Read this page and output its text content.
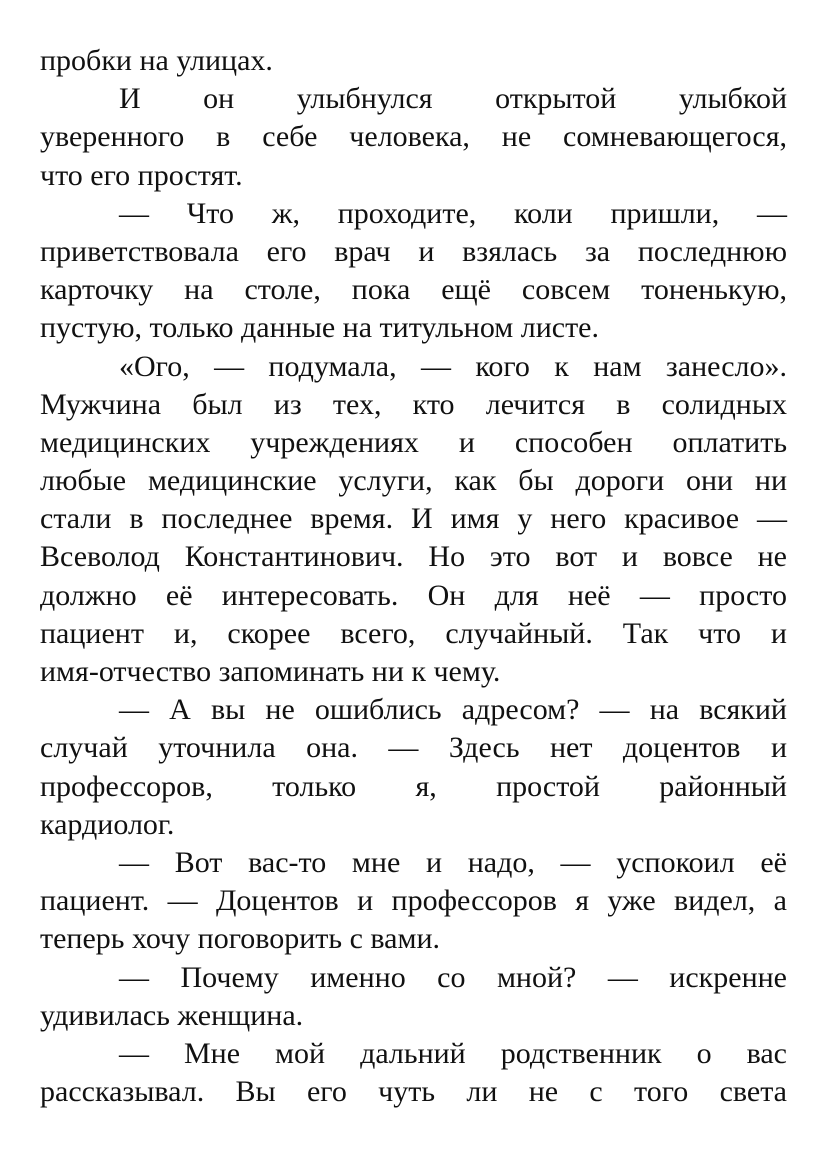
пробки на улицах.
И он улыбнулся открытой улыбкой
уверенного в себе человека, не сомневающегося,
что его простят.
— Что ж, проходите, коли пришли, —
приветствовала его врач и взялась за последнюю
карточку на столе, пока ещё совсем тоненькую,
пустую, только данные на титульном листе.
«Ого, — подумала, — кого к нам занесло».
Мужчина был из тех, кто лечится в солидных
медицинских учреждениях и способен оплатить
любые медицинские услуги, как бы дороги они ни
стали в последнее время. И имя у него красивое —
Всеволод Константинович. Но это вот и вовсе не
должно её интересовать. Он для неё — просто
пациент и, скорее всего, случайный. Так что и
имя-отчество запоминать ни к чему.
— А вы не ошиблись адресом? — на всякий
случай уточнила она. — Здесь нет доцентов и
профессоров, только я, простой районный
кардиолог.
— Вот вас-то мне и надо, — успокоил её
пациент. — Доцентов и профессоров я уже видел, а
теперь хочу поговорить с вами.
— Почему именно со мной? — искренне
удивилась женщина.
— Мне мой дальний родственник о вас
рассказывал. Вы его чуть ли не с того света
